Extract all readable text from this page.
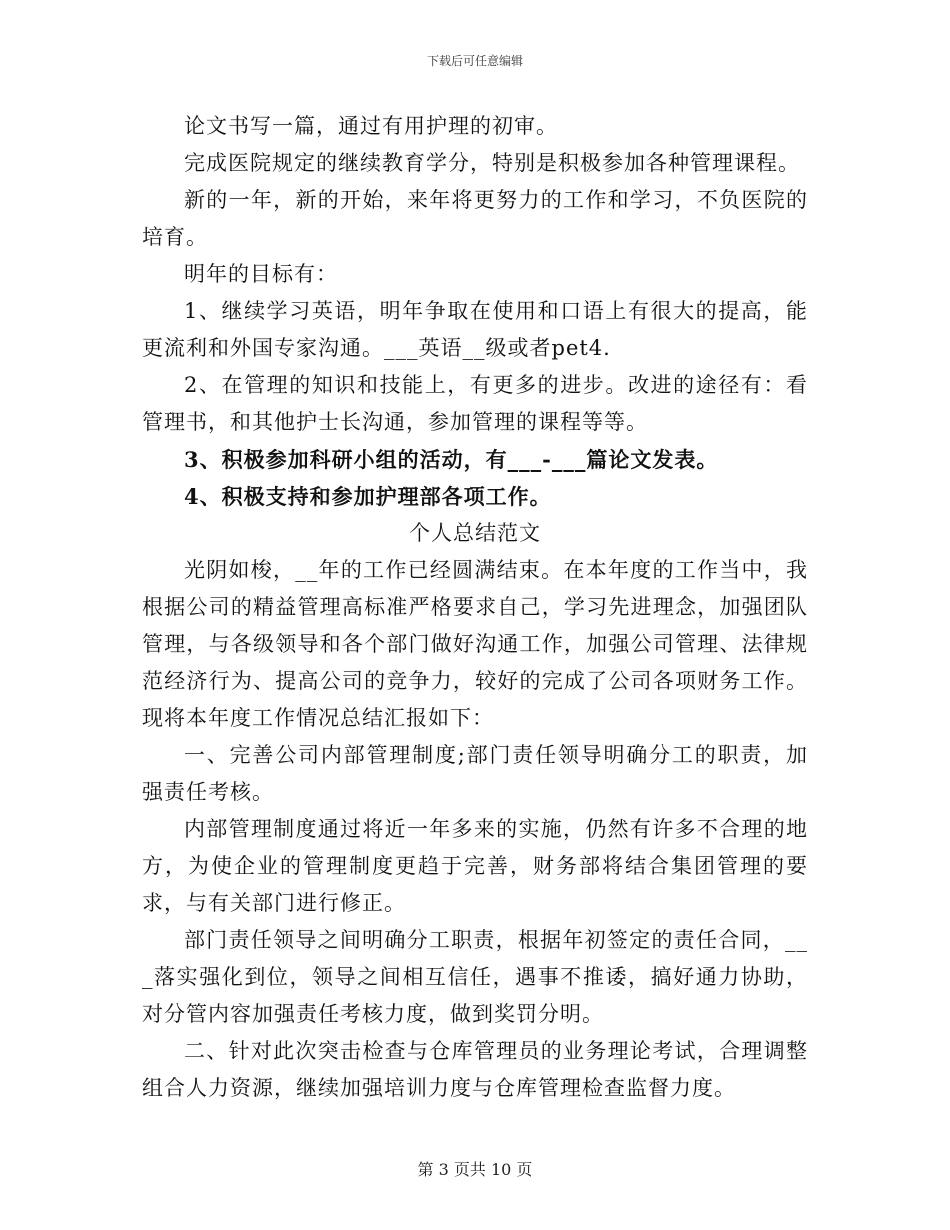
下载后可任意编辑

论文书写一篇，通过有用护理的初审。

完成医院规定的继续教育学分，特别是积极参加各种管理课程。

新的一年，新的开始，来年将更努力的工作和学习，不负医院的培育。

明年的目标有：

1、继续学习英语，明年争取在使用和口语上有很大的提高，能更流利和外国专家沟通。___英语__级或者pet4.

2、在管理的知识和技能上，有更多的进步。改进的途径有：看管理书，和其他护士长沟通，参加管理的课程等等。

3、积极参加科研小组的活动，有___-___篇论文发表。

4、积极支持和参加护理部各项工作。

个人总结范文

光阴如梭，__年的工作已经圆满结束。在本年度的工作当中，我根据公司的精益管理高标准严格要求自己，学习先进理念，加强团队管理，与各级领导和各个部门做好沟通工作，加强公司管理、法律规范经济行为、提高公司的竞争力，较好的完成了公司各项财务工作。现将本年度工作情况总结汇报如下：

一、完善公司内部管理制度;部门责任领导明确分工的职责，加强责任考核。

内部管理制度通过将近一年多来的实施，仍然有许多不合理的地方，为使企业的管理制度更趋于完善，财务部将结合集团管理的要求，与有关部门进行修正。

部门责任领导之间明确分工职责，根据年初签定的责任合同，___落实强化到位，领导之间相互信任，遇事不推诿，搞好通力协助，对分管内容加强责任考核力度，做到奖罚分明。

二、针对此次突击检查与仓库管理员的业务理论考试，合理调整组合人力资源，继续加强培训力度与仓库管理检查监督力度。

第 3 页共 10 页
